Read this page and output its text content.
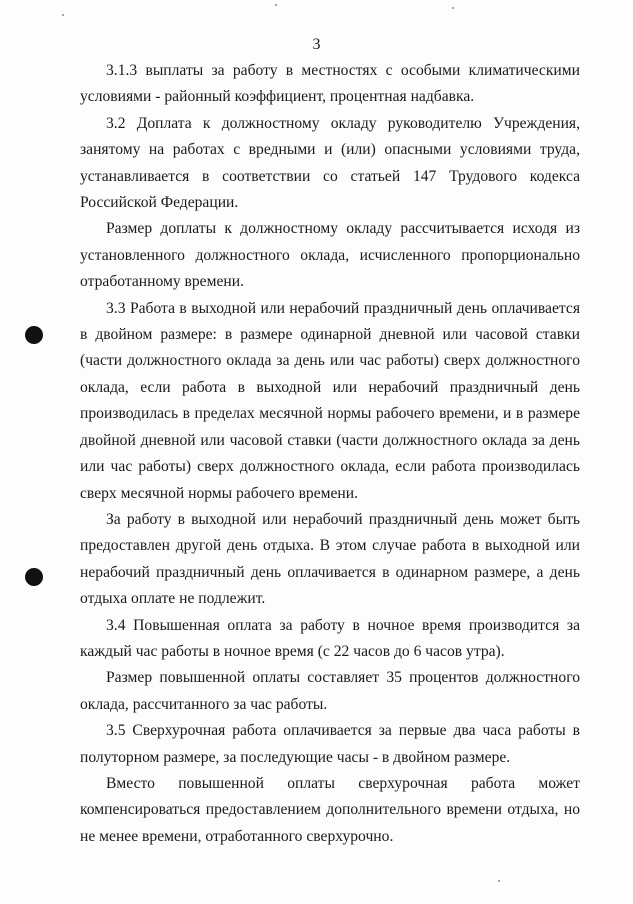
3

3.1.3 выплаты за работу в местностях с особыми климатическими условиями - районный коэффициент, процентная надбавка.

3.2 Доплата к должностному окладу руководителю Учреждения, занятому на работах с вредными и (или) опасными условиями труда, устанавливается в соответствии со статьей 147 Трудового кодекса Российской Федерации.

Размер доплаты к должностному окладу рассчитывается исходя из установленного должностного оклада, исчисленного пропорционально отработанному времени.

3.3 Работа в выходной или нерабочий праздничный день оплачивается в двойном размере: в размере одинарной дневной или часовой ставки (части должностного оклада за день или час работы) сверх должностного оклада, если работа в выходной или нерабочий праздничный день производилась в пределах месячной нормы рабочего времени, и в размере двойной дневной или часовой ставки (части должностного оклада за день или час работы) сверх должностного оклада, если работа производилась сверх месячной нормы рабочего времени.

За работу в выходной или нерабочий праздничный день может быть предоставлен другой день отдыха. В этом случае работа в выходной или нерабочий праздничный день оплачивается в одинарном размере, а день отдыха оплате не подлежит.

3.4 Повышенная оплата за работу в ночное время производится за каждый час работы в ночное время (с 22 часов до 6 часов утра).

Размер повышенной оплаты составляет 35 процентов должностного оклада, рассчитанного за час работы.

3.5 Сверхурочная работа оплачивается за первые два часа работы в полуторном размере, за последующие часы - в двойном размере.

Вместо повышенной оплаты сверхурочная работа может компенсироваться предоставлением дополнительного времени отдыха, но не менее времени, отработанного сверхурочно.
